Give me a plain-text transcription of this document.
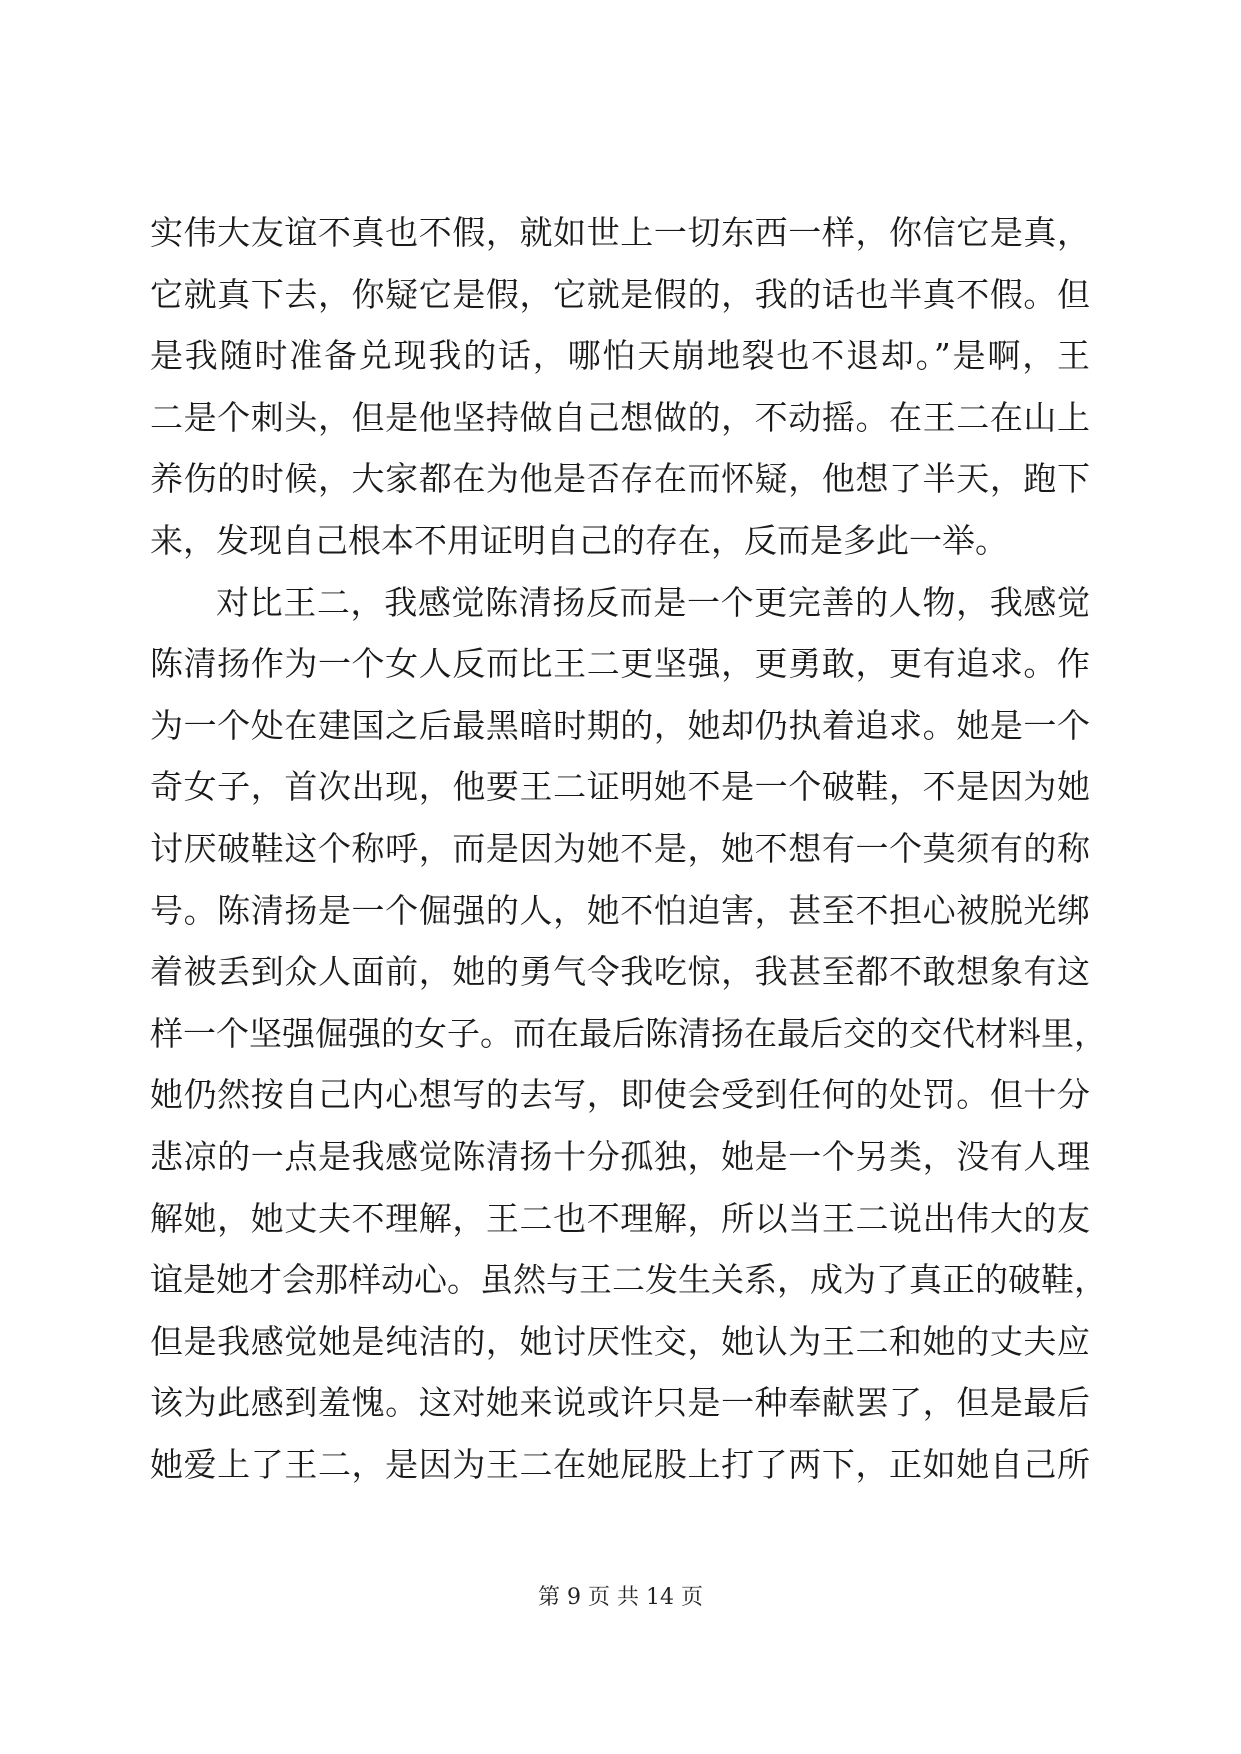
实伟大友谊不真也不假，就如世上一切东西一样，你信它是真，
它就真下去，你疑它是假，它就是假的，我的话也半真不假。但
是我随时准备兑现我的话，哪怕天崩地裂也不退却。”是啊，王
二是个刺头，但是他坚持做自己想做的，不动摇。在王二在山上
养伤的时候，大家都在为他是否存在而怀疑，他想了半天，跑下
来，发现自己根本不用证明自己的存在，反而是多此一举。
对比王二，我感觉陈清扬反而是一个更完善的人物，我感觉
陈清扬作为一个女人反而比王二更坚强，更勇敢，更有追求。作
为一个处在建国之后最黑暗时期的，她却仍执着追求。她是一个
奇女子，首次出现，他要王二证明她不是一个破鞋，不是因为她
讨厌破鞋这个称呼，而是因为她不是，她不想有一个莫须有的称
号。陈清扬是一个倔强的人，她不怕迫害，甚至不担心被脱光绑
着被丢到众人面前，她的勇气令我吃惊，我甚至都不敢想象有这
样一个坚强倔强的女子。而在最后陈清扬在最后交的交代材料里，
她仍然按自己内心想写的去写，即使会受到任何的处罚。但十分
悲凉的一点是我感觉陈清扬十分孤独，她是一个另类，没有人理
解她，她丈夫不理解，王二也不理解，所以当王二说出伟大的友
谊是她才会那样动心。虽然与王二发生关系，成为了真正的破鞋，
但是我感觉她是纯洁的，她讨厌性交，她认为王二和她的丈夫应
该为此感到羞愧。这对她来说或许只是一种奉献罢了，但是最后
她爱上了王二，是因为王二在她屁股上打了两下，正如她自己所
第 9 页 共 14 页
